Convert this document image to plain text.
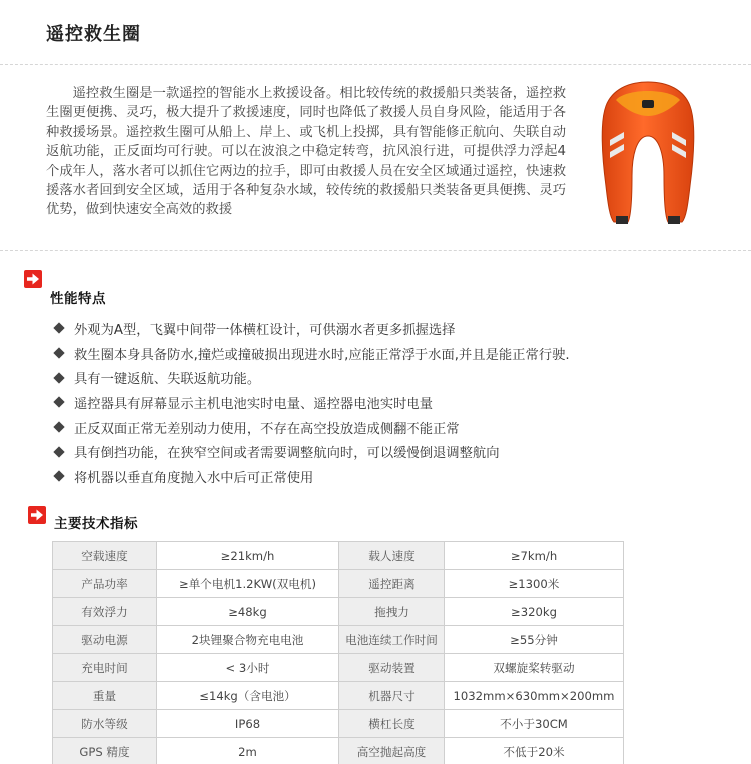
遥控救生圈

遥控救生圈是一款遥控的智能水上救援设备。相比较传统的救援船只类装备，遥控救生圈更便携、灵巧，极大提升了救援速度，同时也降低了救援人员自身风险，能适用于各种救援场景。遥控救生圈可从船上、岸上、或飞机上投掷，具有智能修正航向、失联自动返航功能，正反面均可行驶。可以在波浪之中稳定转弯，抗风浪行进，可提供浮力浮起4个成年人，落水者可以抓住它两边的拉手，即可由救援人员在安全区域通过遥控，快速救援落水者回到安全区域，适用于各种复杂水域，较传统的救援船只类装备更具便携、灵巧优势，做到快速安全高效的救援

性能特点
外观为A型，飞翼中间带一体横杠设计，可供溺水者更多抓握选择
救生圈本身具备防水,撞烂或撞破损出现进水时,应能正常浮于水面,并且是能正常行驶.
具有一键返航、失联返航功能。
遥控器具有屏幕显示主机电池实时电量、遥控器电池实时电量
正反双面正常无差别动力使用，不存在高空投放造成侧翻不能正常
具有倒挡功能，在狭窄空间或者需要调整航向时，可以缓慢倒退调整航向
将机器以垂直角度抛入水中后可正常使用
主要技术指标
空载速度	≥21km/h	载人速度	≥7km/h
产品功率	≥单个电机1.2KW(双电机)	遥控距离	≥1300米
有效浮力	≥48kg	拖拽力	≥320kg
驱动电源	2块锂聚合物充电电池	电池连续工作时间	≥55分钟
充电时间	< 3小时	驱动装置	双螺旋桨转驱动
重量	≤14kg（含电池）	机器尺寸	1032mm×630mm×200mm
防水等级	IP68	横杠长度	不小于30CM
GPS 精度	2m	高空抛起高度	不低于20米
